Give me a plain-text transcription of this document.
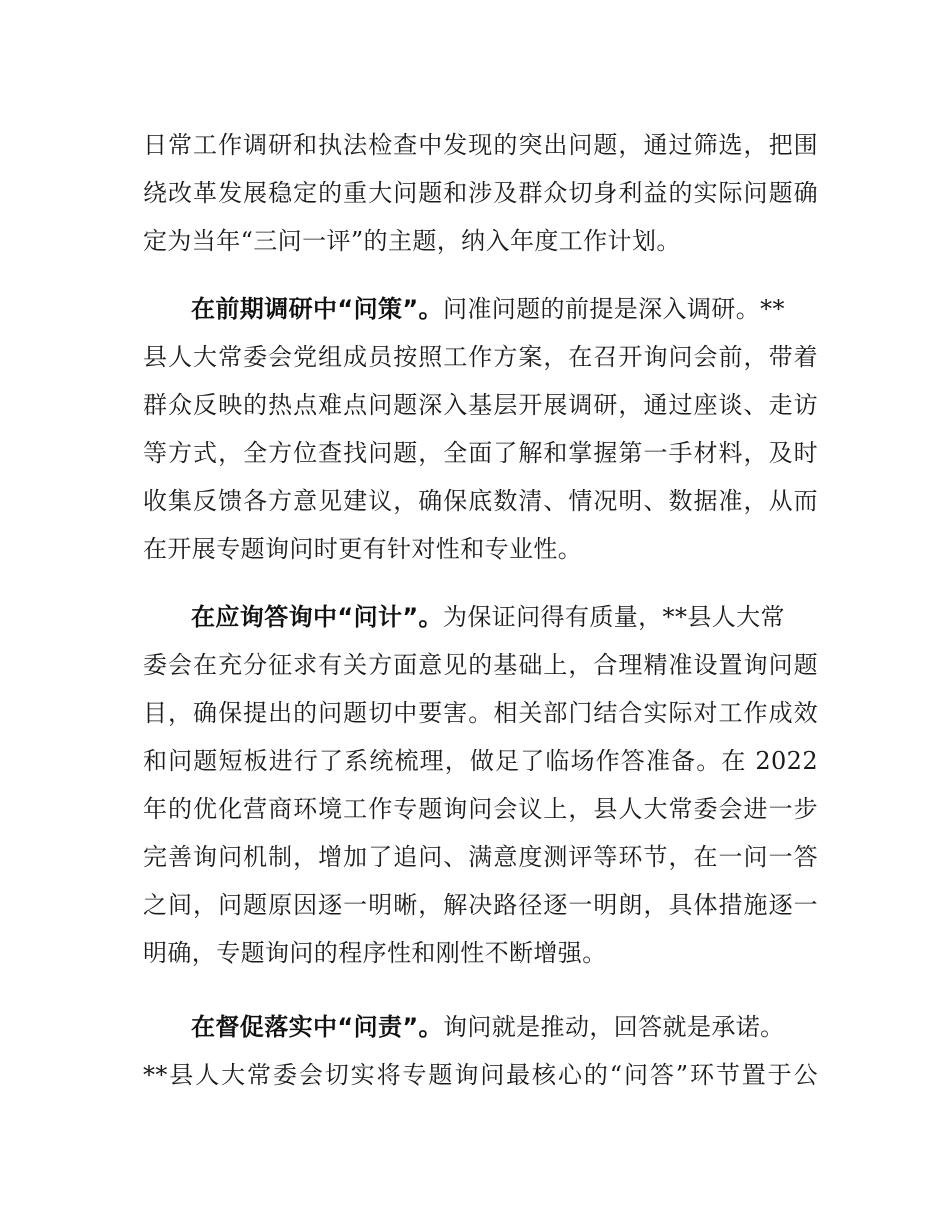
日常工作调研和执法检查中发现的突出问题，通过筛选，把围
绕改革发展稳定的重大问题和涉及群众切身利益的实际问题确
定为当年“三问一评”的主题，纳入年度工作计划。
在前期调研中“问策”。问准问题的前提是深入调研。**
县人大常委会党组成员按照工作方案，在召开询问会前，带着
群众反映的热点难点问题深入基层开展调研，通过座谈、走访
等方式，全方位查找问题，全面了解和掌握第一手材料，及时
收集反馈各方意见建议，确保底数清、情况明、数据准，从而
在开展专题询问时更有针对性和专业性。
在应询答询中“问计”。为保证问得有质量，**县人大常
委会在充分征求有关方面意见的基础上，合理精准设置询问题
目，确保提出的问题切中要害。相关部门结合实际对工作成效
和问题短板进行了系统梳理，做足了临场作答准备。在 2022
年的优化营商环境工作专题询问会议上，县人大常委会进一步
完善询问机制，增加了追问、满意度测评等环节，在一问一答
之间，问题原因逐一明晰，解决路径逐一明朗，具体措施逐一
明确，专题询问的程序性和刚性不断增强。
在督促落实中“问责”。询问就是推动，回答就是承诺。
**县人大常委会切实将专题询问最核心的“问答”环节置于公
